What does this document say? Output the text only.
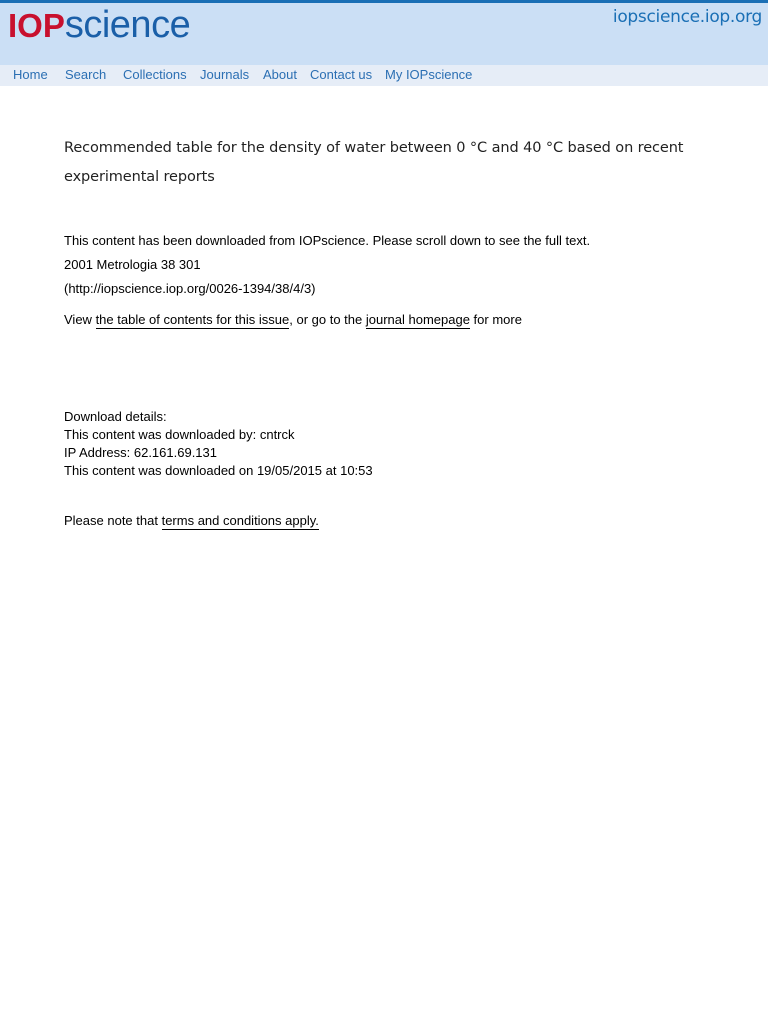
IOPscience	iopscience.iop.org
Home Search Collections Journals About Contact us My IOPscience
Recommended table for the density of water between 0 °C and 40 °C based on recent experimental reports
This content has been downloaded from IOPscience. Please scroll down to see the full text.
2001 Metrologia 38 301
(http://iopscience.iop.org/0026-1394/38/4/3)
View the table of contents for this issue, or go to the journal homepage for more
Download details:
This content was downloaded by: cntrck
IP Address: 62.161.69.131
This content was downloaded on 19/05/2015 at 10:53
Please note that terms and conditions apply.
